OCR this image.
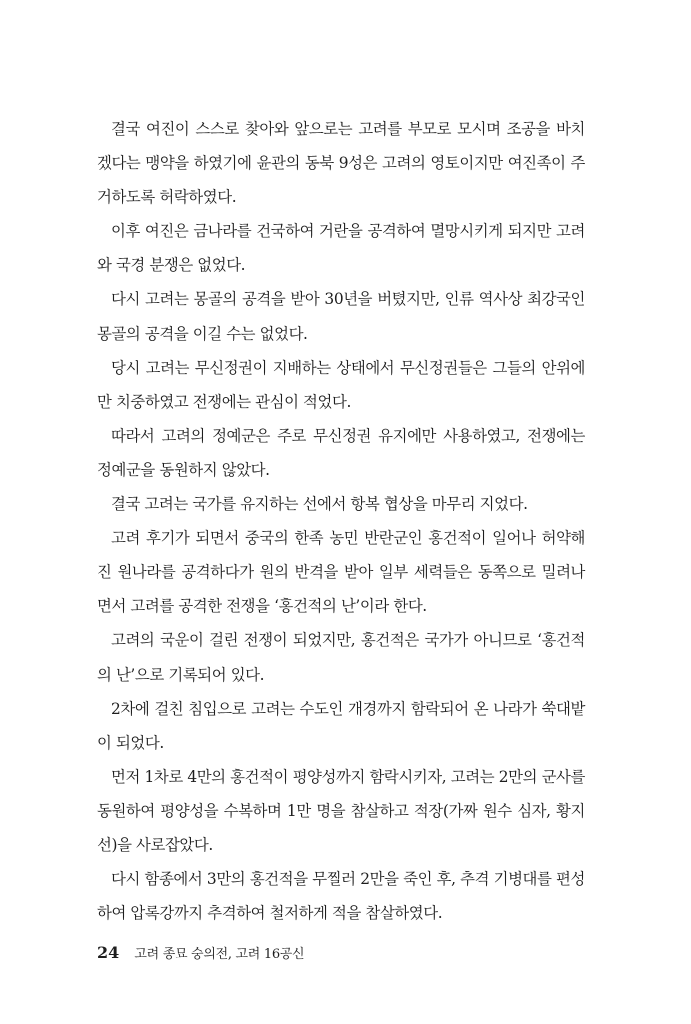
결국 여진이 스스로 찾아와 앞으로는 고려를 부모로 모시며 조공을 바치겠다는 맹약을 하였기에 윤관의 동북 9성은 고려의 영토이지만 여진족이 주거하도록 허락하였다.

이후 여진은 금나라를 건국하여 거란을 공격하여 멸망시키게 되지만 고려와 국경 분쟁은 없었다.

다시 고려는 몽골의 공격을 받아 30년을 버텼지만, 인류 역사상 최강국인 몽골의 공격을 이길 수는 없었다.

당시 고려는 무신정권이 지배하는 상태에서 무신정권들은 그들의 안위에만 치중하였고 전쟁에는 관심이 적었다.

따라서 고려의 정예군은 주로 무신정권 유지에만 사용하였고, 전쟁에는 정예군을 동원하지 않았다.

결국 고려는 국가를 유지하는 선에서 항복 협상을 마무리 지었다.

고려 후기가 되면서 중국의 한족 농민 반란군인 홍건적이 일어나 허약해진 원나라를 공격하다가 원의 반격을 받아 일부 세력들은 동쪽으로 밀려나면서 고려를 공격한 전쟁을 ‘홍건적의 난’이라 한다.

고려의 국운이 걸린 전쟁이 되었지만, 홍건적은 국가가 아니므로 ‘홍건적의 난’으로 기록되어 있다.

2차에 걸친 침입으로 고려는 수도인 개경까지 함락되어 온 나라가 쑥대밭이 되었다.

먼저 1차로 4만의 홍건적이 평양성까지 함락시키자, 고려는 2만의 군사를 동원하여 평양성을 수복하며 1만 명을 참살하고 적장(가짜 원수 심자, 황지선)을 사로잡았다.

다시 함종에서 3만의 홍건적을 무찔러 2만을 죽인 후, 추격 기병대를 편성하여 압록강까지 추격하여 철저하게 적을 참살하였다.

24 고려 종묘 숭의전, 고려 16공신
